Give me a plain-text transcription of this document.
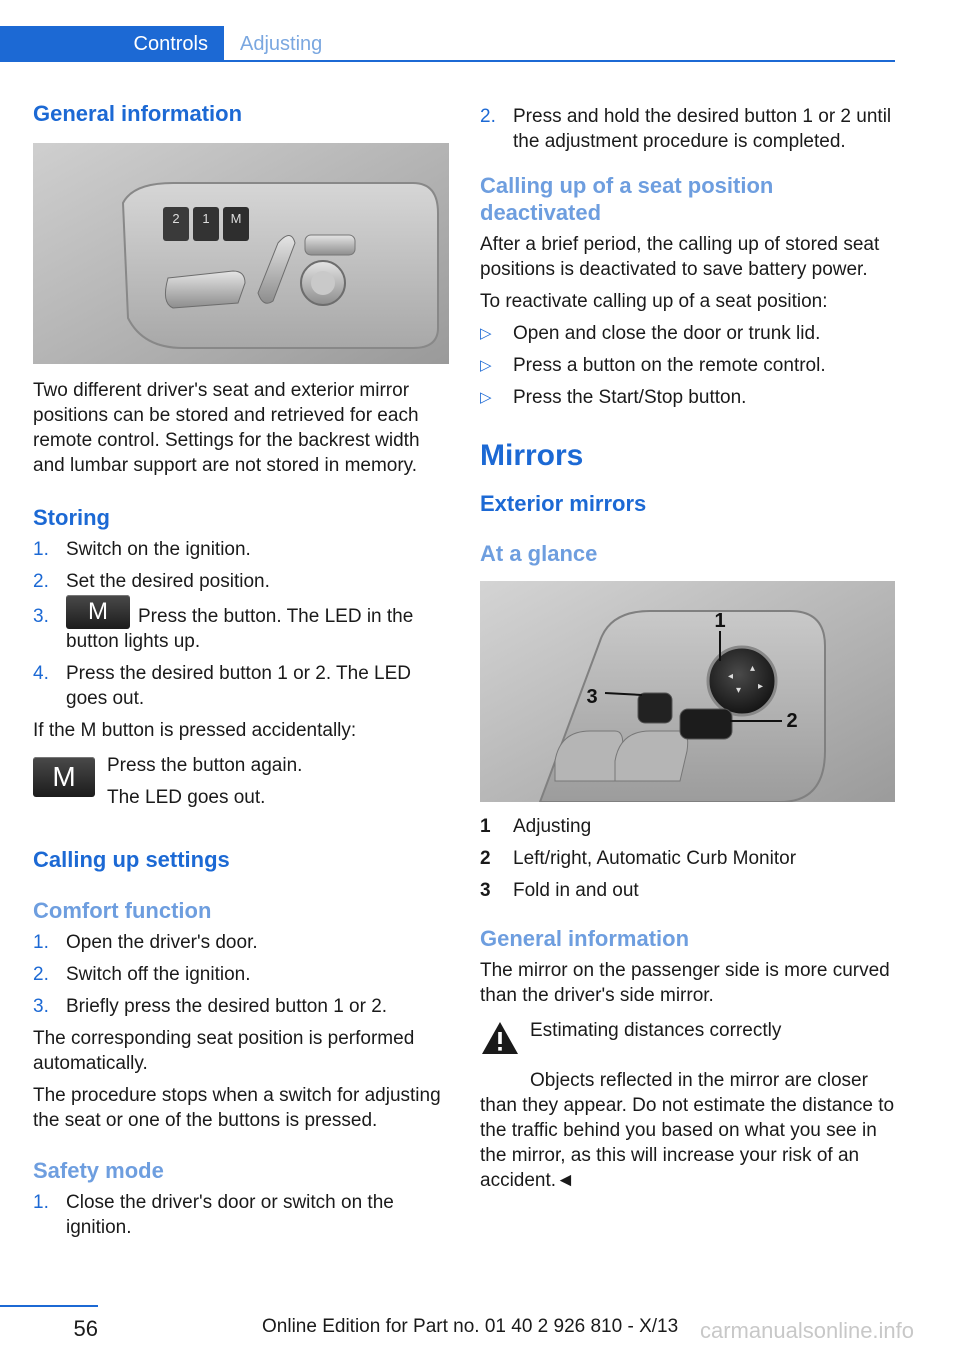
Controls	Adjusting
General information
2 1 M

Two different driver's seat and exterior mirror positions can be stored and retrieved for each remote control. Settings for the backrest width and lumbar support are not stored in memory.

Storing
1. Switch on the ignition.
2. Set the desired position.
3. M Press the button. The LED in the button lights up.
4. Press the desired button 1 or 2. The LED goes out.

If the M button is pressed accidentally:

M	Press the button again.

The LED goes out.

Calling up settings
Comfort function
1. Open the driver's door.
2. Switch off the ignition.
3. Briefly press the desired button 1 or 2.

The corresponding seat position is performed automatically.

The procedure stops when a switch for adjusting the seat or one of the buttons is pressed.

Safety mode
1. Close the driver's door or switch on the ignition.
2. Press and hold the desired button 1 or 2 until the adjustment procedure is completed.
Calling up of a seat position deactivated

After a brief period, the calling up of stored seat positions is deactivated to save battery power.

To reactivate calling up of a seat position:

▷ Open and close the door or trunk lid.
▷ Press a button on the remote control.
▷ Press the Start/Stop button.
Mirrors
Exterior mirrors
At a glance
◂
▴
▾ ▸
1
2
3
1	Adjusting
2	Left/right, Automatic Curb Monitor
3	Fold in and out
General information

The mirror on the passenger side is more curved than the driver's side mirror.

Estimating distances correctly

Objects reflected in the mirror are closer than they appear. Do not estimate the distance to the traffic behind you based on what you see in the mirror, as this will increase your risk of an accident.◄

56	Online Edition for Part no. 01 40 2 926 810 - X/13 carmanualsonline.info
